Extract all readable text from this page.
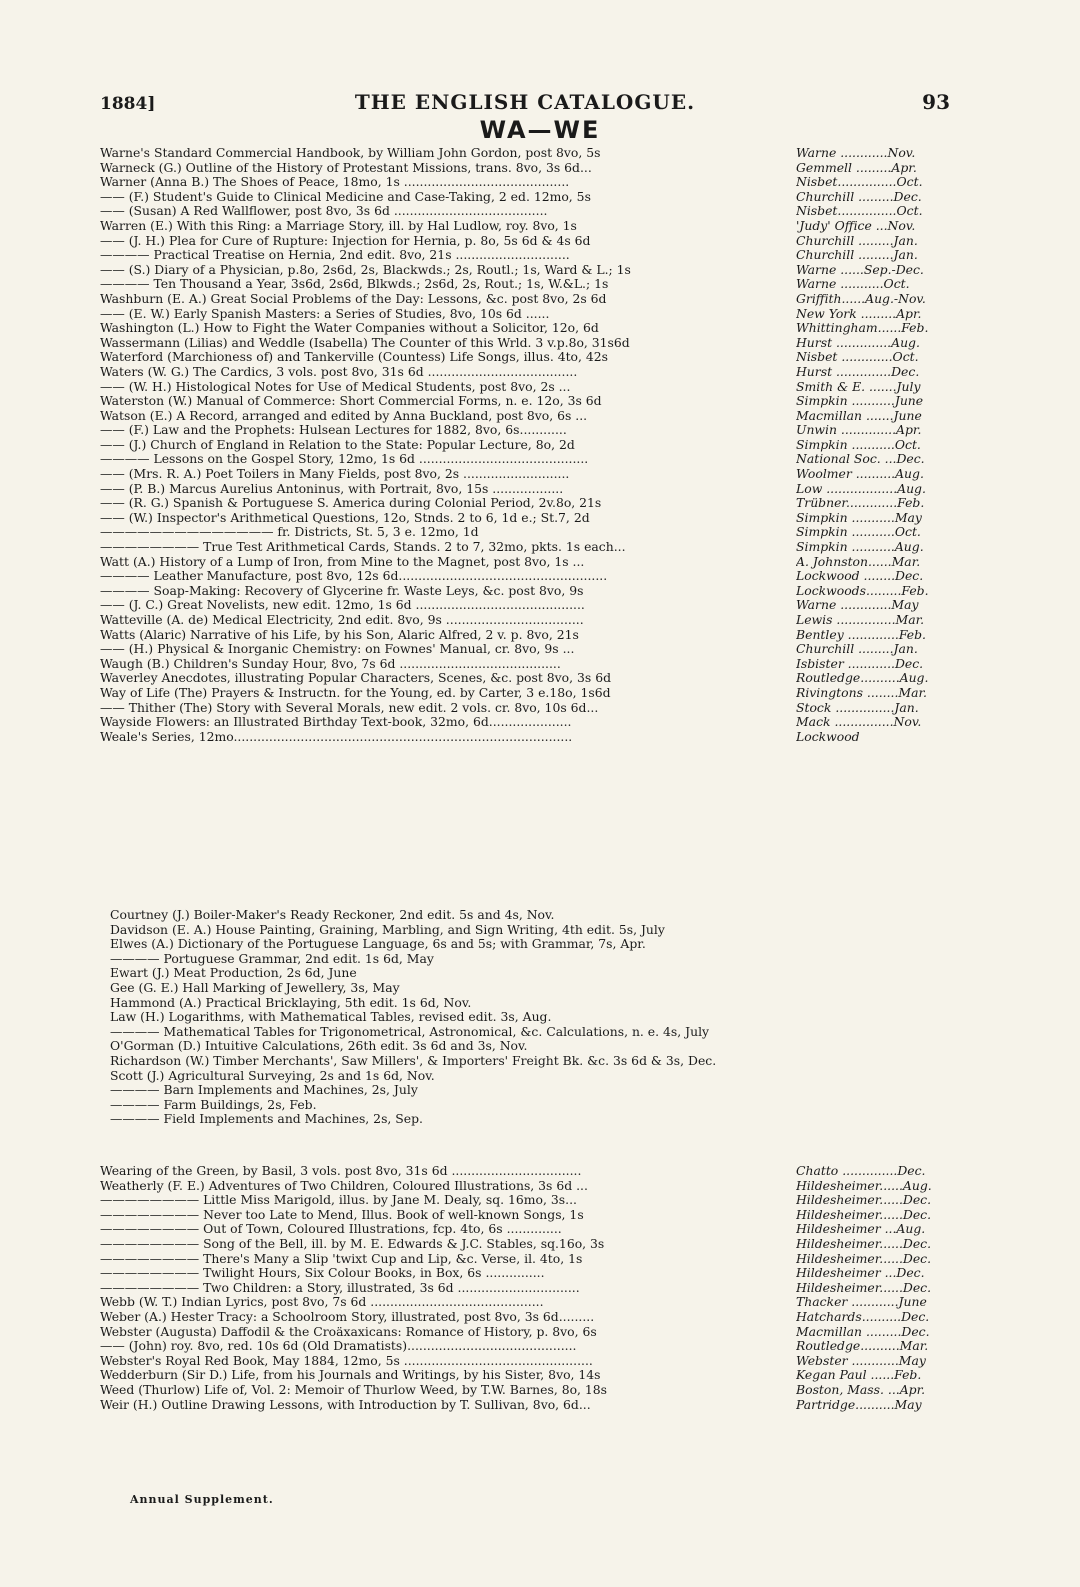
1884]	THE ENGLISH CATALOGUE.	93
WA—WE
Warne's Standard Commercial Handbook, by William John Gordon, post 8vo, 5s	Warne ............Nov.
Warneck (G.) Outline of the History of Protestant Missions, trans. 8vo, 3s 6d...	Gemmell .........Apr.
Warner (Anna B.) The Shoes of Peace, 18mo, 1s ..........................................	Nisbet...............Oct.
—— (F.) Student's Guide to Clinical Medicine and Case-Taking, 2 ed. 12mo, 5s	Churchill .........Dec.
—— (Susan) A Red Wallflower, post 8vo, 3s 6d .......................................	Nisbet...............Oct.
Warren (E.) With this Ring: a Marriage Story, ill. by Hal Ludlow, roy. 8vo, 1s	'Judy' Office ...Nov.
—— (J. H.) Plea for Cure of Rupture: Injection for Hernia, p. 8o, 5s 6d & 4s 6d	Churchill .........Jan.
———— Practical Treatise on Hernia, 2nd edit. 8vo, 21s .............................	Churchill .........Jan.
—— (S.) Diary of a Physician, p.8o, 2s6d, 2s, Blackwds.; 2s, Routl.; 1s, Ward & L.; 1s	Warne ......Sep.-Dec.
———— Ten Thousand a Year, 3s6d, 2s6d, Blkwds.; 2s6d, 2s, Rout.; 1s, W.&L.; 1s	Warne ...........Oct.
Washburn (E. A.) Great Social Problems of the Day: Lessons, &c. post 8vo, 2s 6d	Griffith......Aug.-Nov.
—— (E. W.) Early Spanish Masters: a Series of Studies, 8vo, 10s 6d ......	New York .........Apr.
Washington (L.) How to Fight the Water Companies without a Solicitor, 12o, 6d	Whittingham......Feb.
Wassermann (Lilias) and Weddle (Isabella) The Counter of this Wrld. 3 v.p.8o, 31s6d	Hurst ..............Aug.
Waterford (Marchioness of) and Tankerville (Countess) Life Songs, illus. 4to, 42s	Nisbet .............Oct.
Waters (W. G.) The Cardics, 3 vols. post 8vo, 31s 6d ......................................	Hurst ..............Dec.
—— (W. H.) Histological Notes for Use of Medical Students, post 8vo, 2s ...	Smith & E. .......July
Waterston (W.) Manual of Commerce: Short Commercial Forms, n. e. 12o, 3s 6d	Simpkin ...........June
Watson (E.) A Record, arranged and edited by Anna Buckland, post 8vo, 6s ...	Macmillan .......June
—— (F.) Law and the Prophets: Hulsean Lectures for 1882, 8vo, 6s............	Unwin ..............Apr.
—— (J.) Church of England in Relation to the State: Popular Lecture, 8o, 2d	Simpkin ...........Oct.
———— Lessons on the Gospel Story, 12mo, 1s 6d ...........................................	National Soc. ...Dec.
—— (Mrs. R. A.) Poet Toilers in Many Fields, post 8vo, 2s ...........................	Woolmer ..........Aug.
—— (P. B.) Marcus Aurelius Antoninus, with Portrait, 8vo, 15s ..................	Low ..................Aug.
—— (R. G.) Spanish & Portuguese S. America during Colonial Period, 2v.8o, 21s	Trübner.............Feb.
—— (W.) Inspector's Arithmetical Questions, 12o, Stnds. 2 to 6, 1d e.; St.7, 2d	Simpkin ...........May
—————————————— fr. Districts, St. 5, 3 e. 12mo, 1d	Simpkin ...........Oct.
———————— True Test Arithmetical Cards, Stands. 2 to 7, 32mo, pkts. 1s each...	Simpkin ...........Aug.
Watt (A.) History of a Lump of Iron, from Mine to the Magnet, post 8vo, 1s ...	A. Johnston......Mar.
———— Leather Manufacture, post 8vo, 12s 6d.....................................................	Lockwood ........Dec.
———— Soap-Making: Recovery of Glycerine fr. Waste Leys, &c. post 8vo, 9s	Lockwoods.........Feb.
—— (J. C.) Great Novelists, new edit. 12mo, 1s 6d ...........................................	Warne .............May
Watteville (A. de) Medical Electricity, 2nd edit. 8vo, 9s ...................................	Lewis ...............Mar.
Watts (Alaric) Narrative of his Life, by his Son, Alaric Alfred, 2 v. p. 8vo, 21s	Bentley .............Feb.
—— (H.) Physical & Inorganic Chemistry: on Fownes' Manual, cr. 8vo, 9s ...	Churchill .........Jan.
Waugh (B.) Children's Sunday Hour, 8vo, 7s 6d .........................................	Isbister ............Dec.
Waverley Anecdotes, illustrating Popular Characters, Scenes, &c. post 8vo, 3s 6d	Routledge..........Aug.
Way of Life (The) Prayers & Instructn. for the Young, ed. by Carter, 3 e.18o, 1s6d	Rivingtons ........Mar.
—— Thither (The) Story with Several Morals, new edit. 2 vols. cr. 8vo, 10s 6d...	Stock ...............Jan.
Wayside Flowers: an Illustrated Birthday Text-book, 32mo, 6d.....................	Mack ...............Nov.
Weale's Series, 12mo......................................................................................	Lockwood
Courtney (J.) Boiler-Maker's Ready Reckoner, 2nd edit. 5s and 4s, Nov.
Davidson (E. A.) House Painting, Graining, Marbling, and Sign Writing, 4th edit. 5s, July
Elwes (A.) Dictionary of the Portuguese Language, 6s and 5s; with Grammar, 7s, Apr.
———— Portuguese Grammar, 2nd edit. 1s 6d, May
Ewart (J.) Meat Production, 2s 6d, June
Gee (G. E.) Hall Marking of Jewellery, 3s, May
Hammond (A.) Practical Bricklaying, 5th edit. 1s 6d, Nov.
Law (H.) Logarithms, with Mathematical Tables, revised edit. 3s, Aug.
———— Mathematical Tables for Trigonometrical, Astronomical, &c. Calculations, n. e. 4s, July
O'Gorman (D.) Intuitive Calculations, 26th edit. 3s 6d and 3s, Nov.
Richardson (W.) Timber Merchants', Saw Millers', & Importers' Freight Bk. &c. 3s 6d & 3s, Dec.
Scott (J.) Agricultural Surveying, 2s and 1s 6d, Nov.
———— Barn Implements and Machines, 2s, July
———— Farm Buildings, 2s, Feb.
———— Field Implements and Machines, 2s, Sep.
Wearing of the Green, by Basil, 3 vols. post 8vo, 31s 6d .................................	Chatto ..............Dec.
Weatherly (F. E.) Adventures of Two Children, Coloured Illustrations, 3s 6d ...	Hildesheimer......Aug.
———————— Little Miss Marigold, illus. by Jane M. Dealy, sq. 16mo, 3s...	Hildesheimer......Dec.
———————— Never too Late to Mend, Illus. Book of well-known Songs, 1s	Hildesheimer......Dec.
———————— Out of Town, Coloured Illustrations, fcp. 4to, 6s ..............	Hildesheimer ...Aug.
———————— Song of the Bell, ill. by M. E. Edwards & J.C. Stables, sq.16o, 3s	Hildesheimer......Dec.
———————— There's Many a Slip 'twixt Cup and Lip, &c. Verse, il. 4to, 1s	Hildesheimer......Dec.
———————— Twilight Hours, Six Colour Books, in Box, 6s ...............	Hildesheimer ...Dec.
———————— Two Children: a Story, illustrated, 3s 6d ...............................	Hildesheimer......Dec.
Webb (W. T.) Indian Lyrics, post 8vo, 7s 6d ............................................	Thacker ............June
Weber (A.) Hester Tracy: a Schoolroom Story, illustrated, post 8vo, 3s 6d.........	Hatchards..........Dec.
Webster (Augusta) Daffodil & the Croäxaxicans: Romance of History, p. 8vo, 6s	Macmillan .........Dec.
—— (John) roy. 8vo, red. 10s 6d (Old Dramatists)...........................................	Routledge..........Mar.
Webster's Royal Red Book, May 1884, 12mo, 5s ................................................	Webster ............May
Wedderburn (Sir D.) Life, from his Journals and Writings, by his Sister, 8vo, 14s	Kegan Paul ......Feb.
Weed (Thurlow) Life of, Vol. 2: Memoir of Thurlow Weed, by T.W. Barnes, 8o, 18s	Boston, Mass. ...Apr.
Weir (H.) Outline Drawing Lessons, with Introduction by T. Sullivan, 8vo, 6d...	Partridge..........May
Annual Supplement.
